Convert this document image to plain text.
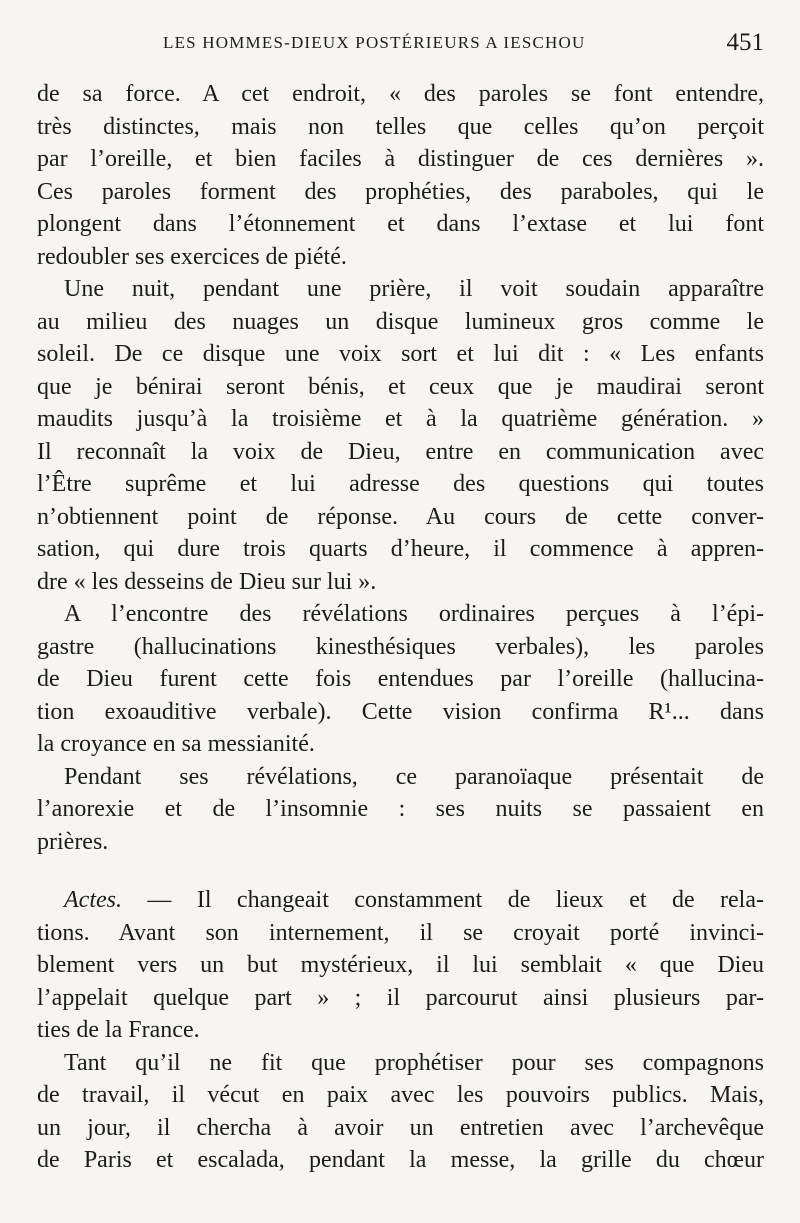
LES HOMMES-DIEUX POSTÉRIEURS A IESCHOU	451
de sa force. A cet endroit, « des paroles se font entendre,
très distinctes, mais non telles que celles qu’on perçoit
par l’oreille, et bien faciles à distinguer de ces dernières ».
Ces paroles forment des prophéties, des paraboles, qui le
plongent dans l’étonnement et dans l’extase et lui font
redoubler ses exercices de piété.
Une nuit, pendant une prière, il voit soudain apparaître
au milieu des nuages un disque lumineux gros comme le
soleil. De ce disque une voix sort et lui dit : « Les enfants
que je bénirai seront bénis, et ceux que je maudirai seront
maudits jusqu’à la troisième et à la quatrième génération. »
Il reconnaît la voix de Dieu, entre en communication avec
l’Être suprême et lui adresse des questions qui toutes
n’obtiennent point de réponse. Au cours de cette conver-
sation, qui dure trois quarts d’heure, il commence à appren-
dre « les desseins de Dieu sur lui ».
A l’encontre des révélations ordinaires perçues à l’épi-
gastre (hallucinations kinesthésiques verbales), les paroles
de Dieu furent cette fois entendues par l’oreille (hallucina-
tion exoauditive verbale). Cette vision confirma R¹... dans
la croyance en sa messianité.
Pendant ses révélations, ce paranoïaque présentait de
l’anorexie et de l’insomnie : ses nuits se passaient en
prières.
Actes. — Il changeait constamment de lieux et de rela-
tions. Avant son internement, il se croyait porté invinci-
blement vers un but mystérieux, il lui semblait « que Dieu
l’appelait quelque part » ; il parcourut ainsi plusieurs par-
ties de la France.
Tant qu’il ne fit que prophétiser pour ses compagnons
de travail, il vécut en paix avec les pouvoirs publics. Mais,
un jour, il chercha à avoir un entretien avec l’archevêque
de Paris et escalada, pendant la messe, la grille du chœur
